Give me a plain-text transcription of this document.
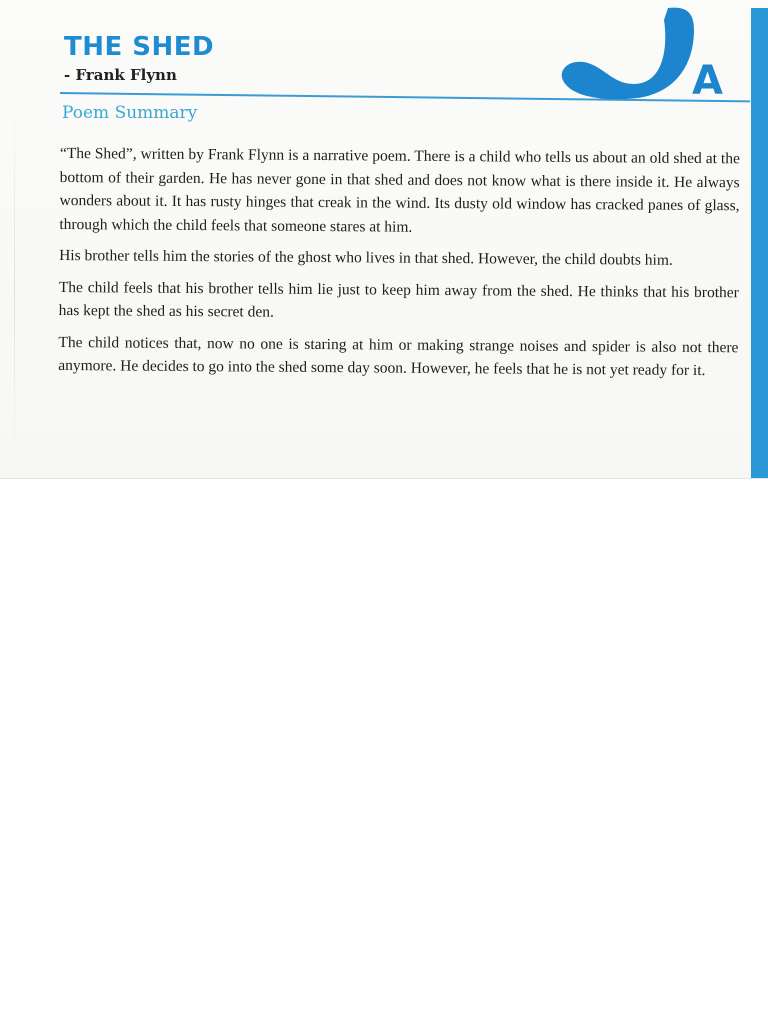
THE SHED
- Frank Flynn
Poem Summary
A

“The Shed”, written by Frank Flynn is a narrative poem. There is a child who tells us about an old shed at the bottom of their garden. He has never gone in that shed and does not know what is there inside it. He always wonders about it. It has rusty hinges that creak in the wind. Its dusty old window has cracked panes of glass, through which the child feels that someone stares at him.

His brother tells him the stories of the ghost who lives in that shed. However, the child doubts him.

The child feels that his brother tells him lie just to keep him away from the shed. He thinks that his brother has kept the shed as his secret den.

The child notices that, now no one is staring at him or making strange noises and spider is also not there anymore. He decides to go into the shed some day soon. However, he feels that he is not yet ready for it.
